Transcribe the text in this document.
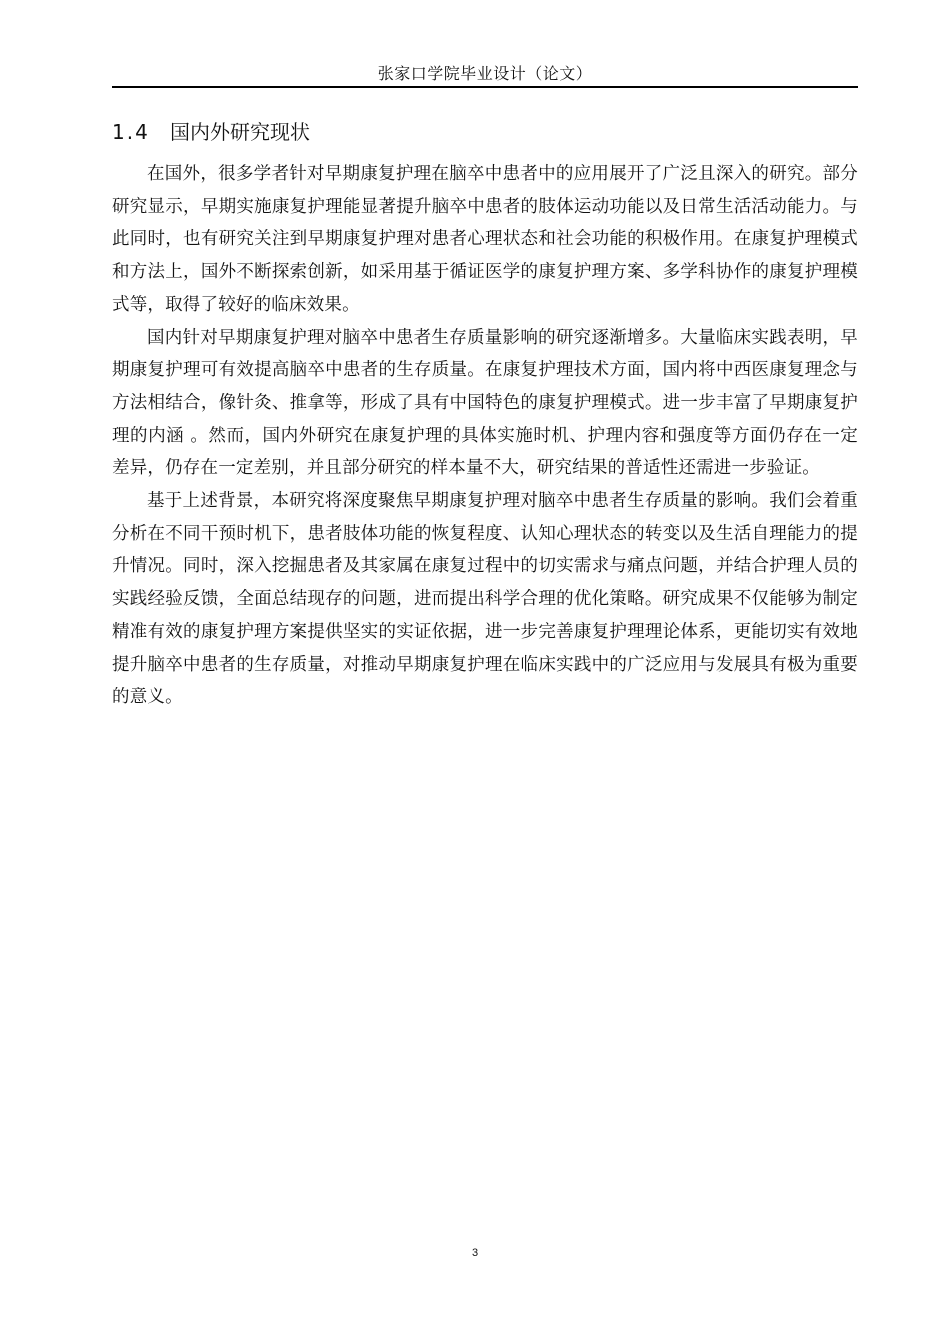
张家口学院毕业设计（论文）
1.4 国内外研究现状

在国外，很多学者针对早期康复护理在脑卒中患者中的应用展开了广泛且深入的研究。部分研究显示，早期实施康复护理能显著提升脑卒中患者的肢体运动功能以及日常生活活动能力。与此同时，也有研究关注到早期康复护理对患者心理状态和社会功能的积极作用。在康复护理模式和方法上，国外不断探索创新，如采用基于循证医学的康复护理方案、多学科协作的康复护理模式等，取得了较好的临床效果。

国内针对早期康复护理对脑卒中患者生存质量影响的研究逐渐增多。大量临床实践表明，早期康复护理可有效提高脑卒中患者的生存质量。在康复护理技术方面，国内将中西医康复理念与方法相结合，像针灸、推拿等，形成了具有中国特色的康复护理模式。进一步丰富了早期康复护理的内涵 。然而，国内外研究在康复护理的具体实施时机、护理内容和强度等方面仍存在一定差异，仍存在一定差别，并且部分研究的样本量不大，研究结果的普适性还需进一步验证。

基于上述背景，本研究将深度聚焦早期康复护理对脑卒中患者生存质量的影响。我们会着重分析在不同干预时机下，患者肢体功能的恢复程度、认知心理状态的转变以及生活自理能力的提升情况。同时，深入挖掘患者及其家属在康复过程中的切实需求与痛点问题，并结合护理人员的实践经验反馈，全面总结现存的问题，进而提出科学合理的优化策略。研究成果不仅能够为制定精准有效的康复护理方案提供坚实的实证依据，进一步完善康复护理理论体系，更能切实有效地提升脑卒中患者的生存质量，对推动早期康复护理在临床实践中的广泛应用与发展具有极为重要的意义。

3
